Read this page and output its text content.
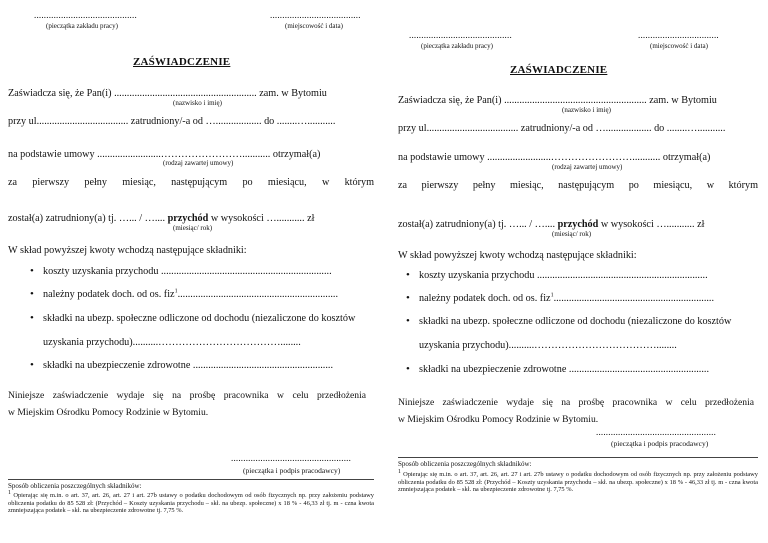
..........................................
(pieczątka zakładu pracy)
.....................................
(miejscowość i data)
ZAŚWIADCZENIE
Zaświadcza się, że Pan(i) ........................................................ zam. w Bytomiu
(nazwisko i imię)
przy ul.................................... zatrudniony/-a od ….................. do ........…...........
na podstawie umowy .........................……………………........... otrzymał(a)
(rodzaj zawartej umowy)
za pierwszy pełny miesiąc, następującym po miesiącu, w którym
został(a) zatrudniony(a) tj. …... / ….... przychód w wysokości …........... zł
(miesiąc/ rok)
W skład powyższej kwoty wchodzą następujące składniki:
• koszty uzyskania przychodu ...................................................................
• należny podatek doch. od os. fiz$^1$...............................................................
• składki na ubezp. społeczne odliczone od dochodu (niezaliczone do kosztów
uzyskania przychodu)..........………………………………........
• składki na ubezpieczenie zdrowotne .......................................................
Niniejsze zaświadczenie wydaje się na prośbę pracownika w celu przedłożenia
w Miejskim Ośrodku Pomocy Rodzinie w Bytomiu.
.................................................
(pieczątka i podpis pracodawcy)
Sposób obliczenia poszczególnych składników:
$^1$ Opierając się m.in. o art. 37, art. 26, art. 27 i art. 27b ustawy o podatku dochodowym od osób fizycznych np. przy założeniu podstawy obliczenia podatku do 85 528 zł: (Przychód – Koszty uzyskania przychodu – skł. na ubezp. społeczne) x 18 % - 46,33 zł tj. m - czna kwota zmniejszająca podatek – skł. na ubezpieczenie zdrowotne tj. 7,75 %.
..........................................
(pieczątka zakładu pracy)
.................................
(miejscowość i data)
ZAŚWIADCZENIE
Zaświadcza się, że Pan(i) ........................................................ zam. w Bytomiu
(nazwisko i imię)
przy ul.................................... zatrudniony/-a od ….................. do ........…...........
na podstawie umowy .........................……………………........... otrzymał(a)
(rodzaj zawartej umowy)
za pierwszy pełny miesiąc, następującym po miesiącu, w którym
został(a) zatrudniony(a) tj. …... / ….... przychód w wysokości …........... zł
(miesiąc/ rok)
W skład powyższej kwoty wchodzą następujące składniki:
• koszty uzyskania przychodu ...................................................................
• należny podatek doch. od os. fiz$^1$...............................................................
• składki na ubezp. społeczne odliczone od dochodu (niezaliczone do kosztów
uzyskania przychodu)..........………………………………........
• składki na ubezpieczenie zdrowotne .......................................................
Niniejsze zaświadczenie wydaje się na prośbę pracownika w celu przedłożenia
w Miejskim Ośrodku Pomocy Rodzinie w Bytomiu.
.................................................
(pieczątka i podpis pracodawcy)
Sposób obliczenia poszczególnych składników:
$^1$ Opierając się m.in. o art. 37, art. 26, art. 27 i art. 27b ustawy o podatku dochodowym od osób fizycznych np. przy założeniu podstawy obliczenia podatku do 85 528 zł: (Przychód – Koszty uzyskania przychodu – skł. na ubezp. społeczne) x 18 % - 46,33 zł tj. m - czna kwota zmniejszająca podatek – skł. na ubezpieczenie zdrowotne tj. 7,75 %.
